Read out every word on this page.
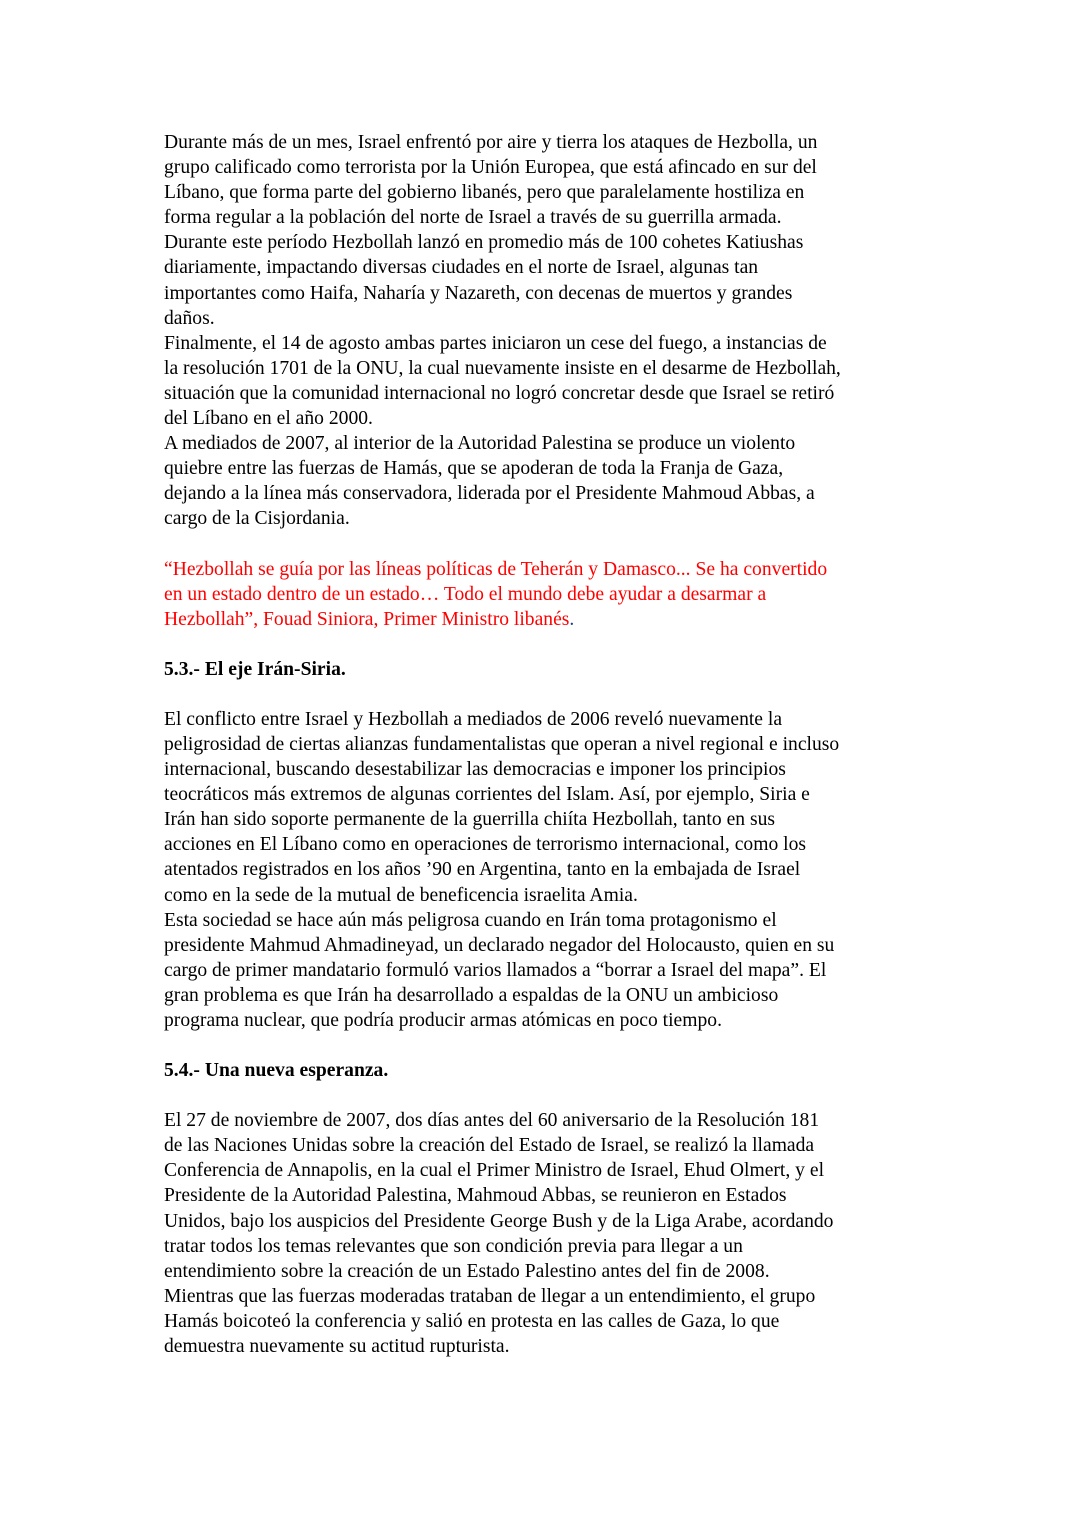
Durante más de un mes, Israel enfrentó por aire y tierra los ataques de Hezbolla, un
grupo calificado como terrorista por la Unión Europea, que está afincado en sur del
Líbano, que forma parte del gobierno libanés, pero que paralelamente hostiliza en
forma regular a la población del norte de Israel a través de su guerrilla armada.
Durante este período Hezbollah lanzó en promedio más de 100 cohetes Katiushas
diariamente, impactando diversas ciudades en el norte de Israel, algunas tan
importantes como Haifa, Naharía y Nazareth, con decenas de muertos y grandes
daños.
Finalmente, el 14 de agosto ambas partes iniciaron un cese del fuego, a instancias de
la resolución 1701 de la ONU, la cual nuevamente insiste en el desarme de Hezbollah,
situación que la comunidad internacional no logró concretar desde que Israel se retiró
del Líbano en el año 2000.
A mediados de 2007, al interior de la Autoridad Palestina se produce un violento
quiebre entre las fuerzas de Hamás, que se apoderan de toda la Franja de Gaza,
dejando a la línea más conservadora, liderada por el Presidente Mahmoud Abbas, a
cargo de la Cisjordania.

“Hezbollah se guía por las líneas políticas de Teherán y Damasco... Se ha convertido
en un estado dentro de un estado… Todo el mundo debe ayudar a desarmar a
Hezbollah”, Fouad Siniora, Primer Ministro libanés.

5.3.- El eje Irán-Siria.

El conflicto entre Israel y Hezbollah a mediados de 2006 reveló nuevamente la
peligrosidad de ciertas alianzas fundamentalistas que operan a nivel regional e incluso
internacional, buscando desestabilizar las democracias e imponer los principios
teocráticos más extremos de algunas corrientes del Islam. Así, por ejemplo, Siria e
Irán han sido soporte permanente de la guerrilla chiíta Hezbollah, tanto en sus
acciones en El Líbano como en operaciones de terrorismo internacional, como los
atentados registrados en los años ’90 en Argentina, tanto en la embajada de Israel
como en la sede de la mutual de beneficencia israelita Amia.
Esta sociedad se hace aún más peligrosa cuando en Irán toma protagonismo el
presidente Mahmud Ahmadineyad, un declarado negador del Holocausto, quien en su
cargo de primer mandatario formuló varios llamados a “borrar a Israel del mapa”. El
gran problema es que Irán ha desarrollado a espaldas de la ONU un ambicioso
programa nuclear, que podría producir armas atómicas en poco tiempo.

5.4.- Una nueva esperanza.

El 27 de noviembre de 2007, dos días antes del 60 aniversario de la Resolución 181
de las Naciones Unidas sobre la creación del Estado de Israel, se realizó la llamada
Conferencia de Annapolis, en la cual el Primer Ministro de Israel, Ehud Olmert, y el
Presidente de la Autoridad Palestina, Mahmoud Abbas, se reunieron en Estados
Unidos, bajo los auspicios del Presidente George Bush y de la Liga Arabe, acordando
tratar todos los temas relevantes que son condición previa para llegar a un
entendimiento sobre la creación de un Estado Palestino antes del fin de 2008.
Mientras que las fuerzas moderadas trataban de llegar a un entendimiento, el grupo
Hamás boicoteó la conferencia y salió en protesta en las calles de Gaza, lo que
demuestra nuevamente su actitud rupturista.
